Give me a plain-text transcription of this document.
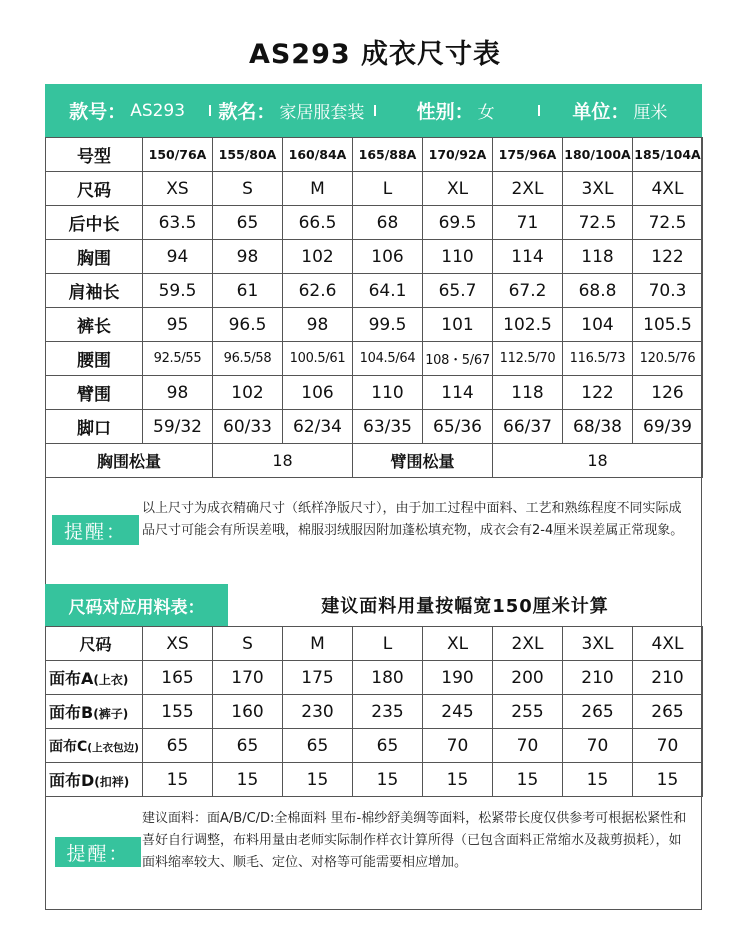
AS293 成衣尺寸表
款号： AS293 款名： 家居服套装	性别： 女	单位： 厘米
号型	150/76A	155/80A	160/84A	165/88A	170/92A	175/96A	180/100A	185/104A
尺码	XS	S	M	L	XL	2XL	3XL	4XL
后中长	63.5	65	66.5	68	69.5	71	72.5	72.5
胸围	94	98	102	106	110	114	118	122
肩袖长	59.5	61	62.6	64.1	65.7	67.2	68.8	70.3
裤长	95	96.5	98	99.5	101	102.5	104	105.5
腰围	92.5/55	96.5/58	100.5/61	104.5/64	108・5/67	112.5/70	116.5/73	120.5/76
臂围	98	102	106	110	114	118	122	126
脚口	59/32	60/33	62/34	63/35	65/36	66/37	68/38	69/39
胸围松量		18		臂围松量		18		
提醒：
以上尺寸为成衣精确尺寸（纸样净版尺寸），由于加工过程中面料、工艺和熟练程度不同实际成品尺寸可能会有所误差哦，棉服羽绒服因附加蓬松填充物，成衣会有2-4厘米误差属正常现象。
尺码对应用料表：	建议面料用量按幅宽150厘米计算
尺码	XS	S	M	L	XL	2XL	3XL	4XL
面布A(上衣)	165	170	175	180	190	200	210	210
面布B(裤子)	155	160	230	235	245	255	265	265
面布C(上衣包边)	65	65	65	65	70	70	70	70
面布D(扣袢)	15	15	15	15	15	15	15	15
提醒：
建议面料：面A/B/C/D:全棉面料 里布-棉纱舒美绸等面料，松紧带长度仅供参考可根据松紧性和喜好自行调整，布料用量由老师实际制作样衣计算所得（已包含面料正常缩水及裁剪损耗），如面料缩率较大、顺毛、定位、对格等可能需要相应增加。
